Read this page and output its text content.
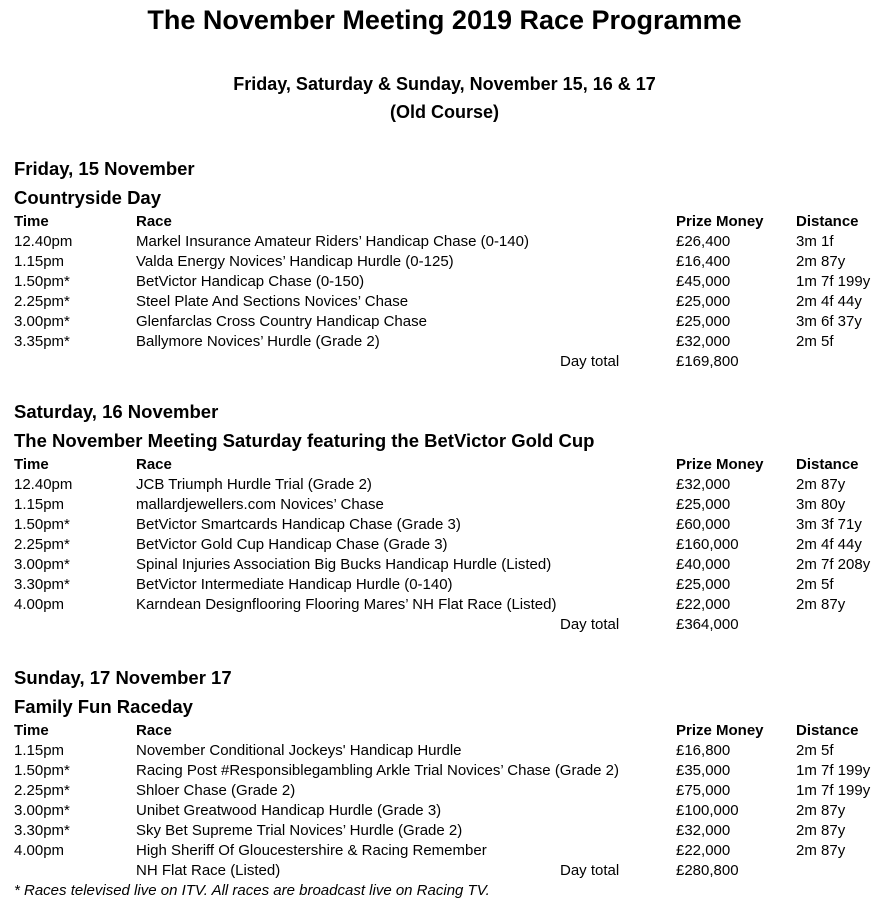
The November Meeting 2019 Race Programme
Friday, Saturday & Sunday, November 15, 16 & 17
(Old Course)
Friday, 15 November
Countryside Day
Time	Race	Prize Money	Distance
12.40pm	Markel Insurance Amateur Riders’ Handicap Chase (0-140)	£26,400	3m 1f
1.15pm	Valda Energy Novices’ Handicap Hurdle (0-125)	£16,400	2m 87y
1.50pm*	BetVictor Handicap Chase (0-150)	£45,000	1m 7f 199y
2.25pm*	Steel Plate And Sections Novices’ Chase	£25,000	2m 4f 44y
3.00pm*	Glenfarclas Cross Country Handicap Chase	£25,000	3m 6f 37y
3.35pm*	Ballymore Novices’ Hurdle (Grade 2)	£32,000	2m 5f
Day total	£169,800
Saturday, 16 November
The November Meeting Saturday featuring the BetVictor Gold Cup
Time	Race	Prize Money	Distance
12.40pm	JCB Triumph Hurdle Trial (Grade 2)	£32,000	2m 87y
1.15pm	mallardjewellers.com Novices’ Chase	£25,000	3m 80y
1.50pm*	BetVictor Smartcards Handicap Chase (Grade 3)	£60,000	3m 3f 71y
2.25pm*	BetVictor Gold Cup Handicap Chase (Grade 3)	£160,000	2m 4f 44y
3.00pm*	Spinal Injuries Association Big Bucks Handicap Hurdle (Listed)	£40,000	2m 7f 208y
3.30pm*	BetVictor Intermediate Handicap Hurdle (0-140)	£25,000	2m 5f
4.00pm	Karndean Designflooring Flooring Mares’ NH Flat Race (Listed)	£22,000	2m 87y
Day total	£364,000
Sunday, 17 November 17
Family Fun Raceday
Time	Race	Prize Money	Distance
1.15pm	November Conditional Jockeys' Handicap Hurdle	£16,800	2m 5f
1.50pm*	Racing Post #Responsiblegambling Arkle Trial Novices’ Chase (Grade 2)	£35,000	1m 7f 199y
2.25pm*	Shloer Chase (Grade 2)	£75,000	1m 7f 199y
3.00pm*	Unibet Greatwood Handicap Hurdle (Grade 3)	£100,000	2m 87y
3.30pm*	Sky Bet Supreme Trial Novices’ Hurdle (Grade 2)	£32,000	2m 87y
4.00pm	High Sheriff Of Gloucestershire & Racing Remember	£22,000	2m 87y
NH Flat Race (Listed)	Day total	£280,800

* Races televised live on ITV. All races are broadcast live on Racing TV.
